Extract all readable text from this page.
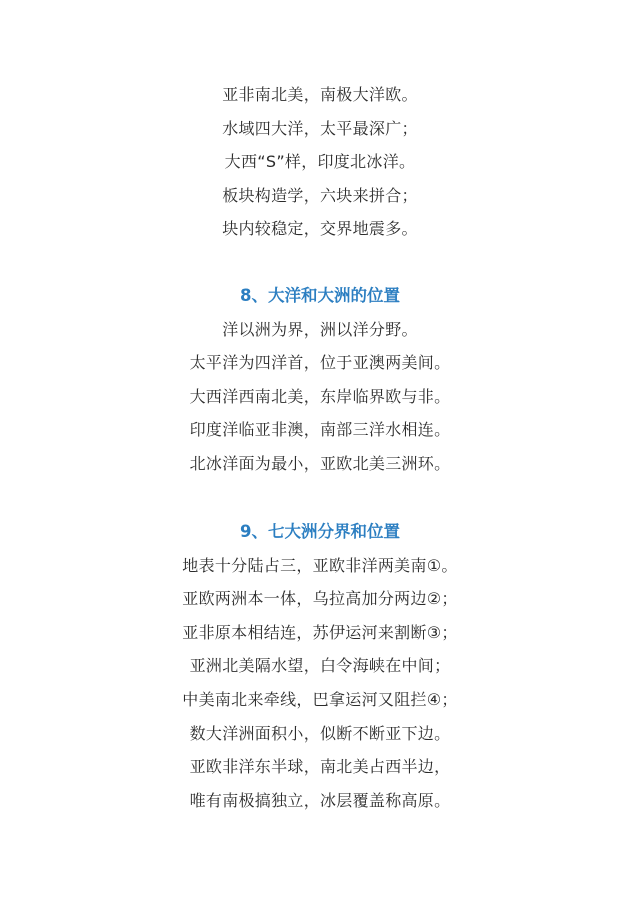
亚非南北美，南极大洋欧。
水域四大洋，太平最深广；
大西“S”样，印度北冰洋。
板块构造学，六块来拼合；
块内较稳定，交界地震多。
8、大洋和大洲的位置
洋以洲为界，洲以洋分野。
太平洋为四洋首，位于亚澳两美间。
大西洋西南北美，东岸临界欧与非。
印度洋临亚非澳，南部三洋水相连。
北冰洋面为最小，亚欧北美三洲环。
9、七大洲分界和位置
地表十分陆占三，亚欧非洋两美南①。
亚欧两洲本一体，乌拉高加分两边②；
亚非原本相结连，苏伊运河来割断③；
亚洲北美隔水望，白令海峡在中间；
中美南北来牵线，巴拿运河又阻拦④；
数大洋洲面积小，似断不断亚下边。
亚欧非洋东半球，南北美占西半边，
唯有南极搞独立，冰层覆盖称高原。
